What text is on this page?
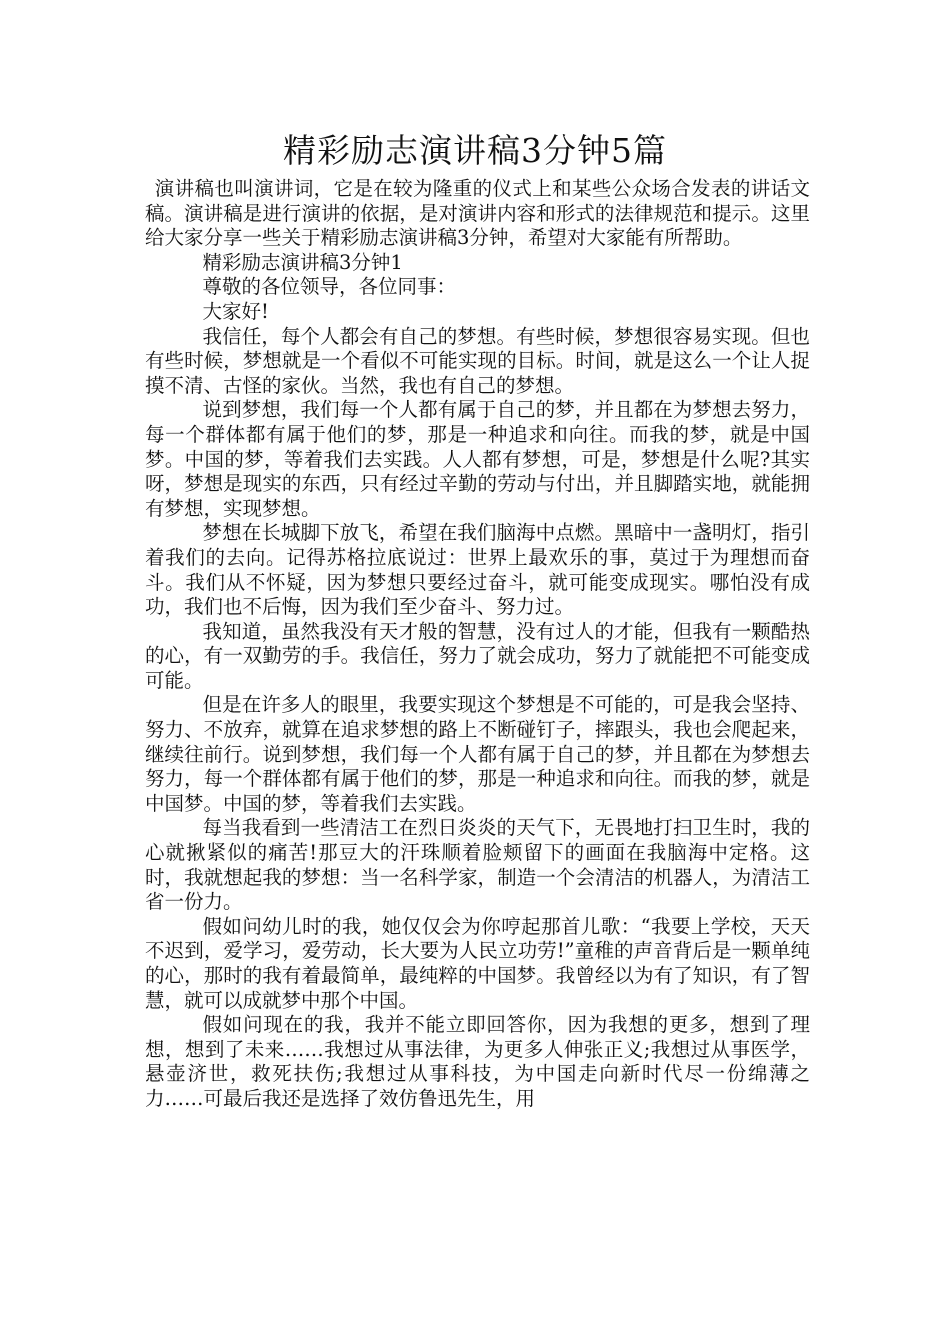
精彩励志演讲稿3分钟5篇

演讲稿也叫演讲词，它是在较为隆重的仪式上和某些公众场合发表的讲话文稿。演讲稿是进行演讲的依据，是对演讲内容和形式的法律规范和提示。这里给大家分享一些关于精彩励志演讲稿3分钟，希望对大家能有所帮助。

精彩励志演讲稿3分钟1

尊敬的各位领导，各位同事：

大家好!

我信任，每个人都会有自己的梦想。有些时候，梦想很容易实现。但也有些时候，梦想就是一个看似不可能实现的目标。时间，就是这么一个让人捉摸不清、古怪的家伙。当然，我也有自己的梦想。

说到梦想，我们每一个人都有属于自己的梦，并且都在为梦想去努力，每一个群体都有属于他们的梦，那是一种追求和向往。而我的梦，就是中国梦。中国的梦，等着我们去实践。人人都有梦想，可是，梦想是什么呢?其实呀，梦想是现实的东西，只有经过辛勤的劳动与付出，并且脚踏实地，就能拥有梦想，实现梦想。

梦想在长城脚下放飞，希望在我们脑海中点燃。黑暗中一盏明灯，指引着我们的去向。记得苏格拉底说过：世界上最欢乐的事，莫过于为理想而奋斗。我们从不怀疑，因为梦想只要经过奋斗，就可能变成现实。哪怕没有成功，我们也不后悔，因为我们至少奋斗、努力过。

我知道，虽然我没有天才般的智慧，没有过人的才能，但我有一颗酷热的心，有一双勤劳的手。我信任，努力了就会成功，努力了就能把不可能变成可能。

但是在许多人的眼里，我要实现这个梦想是不可能的，可是我会坚持、努力、不放弃，就算在追求梦想的路上不断碰钉子，摔跟头，我也会爬起来，继续往前行。说到梦想，我们每一个人都有属于自己的梦，并且都在为梦想去努力，每一个群体都有属于他们的梦，那是一种追求和向往。而我的梦，就是中国梦。中国的梦，等着我们去实践。

每当我看到一些清洁工在烈日炎炎的天气下，无畏地打扫卫生时，我的心就揪紧似的痛苦!那豆大的汗珠顺着脸颊留下的画面在我脑海中定格。这时，我就想起我的梦想：当一名科学家，制造一个会清洁的机器人，为清洁工省一份力。

假如问幼儿时的我，她仅仅会为你哼起那首儿歌：“我要上学校，天天不迟到，爱学习，爱劳动，长大要为人民立功劳!”童稚的声音背后是一颗单纯的心，那时的我有着最简单，最纯粹的中国梦。我曾经以为有了知识，有了智慧，就可以成就梦中那个中国。

假如问现在的我，我并不能立即回答你，因为我想的更多，想到了理想，想到了未来……我想过从事法律，为更多人伸张正义;我想过从事医学，悬壶济世，救死扶伤;我想过从事科技，为中国走向新时代尽一份绵薄之力……可最后我还是选择了效仿鲁迅先生，用
